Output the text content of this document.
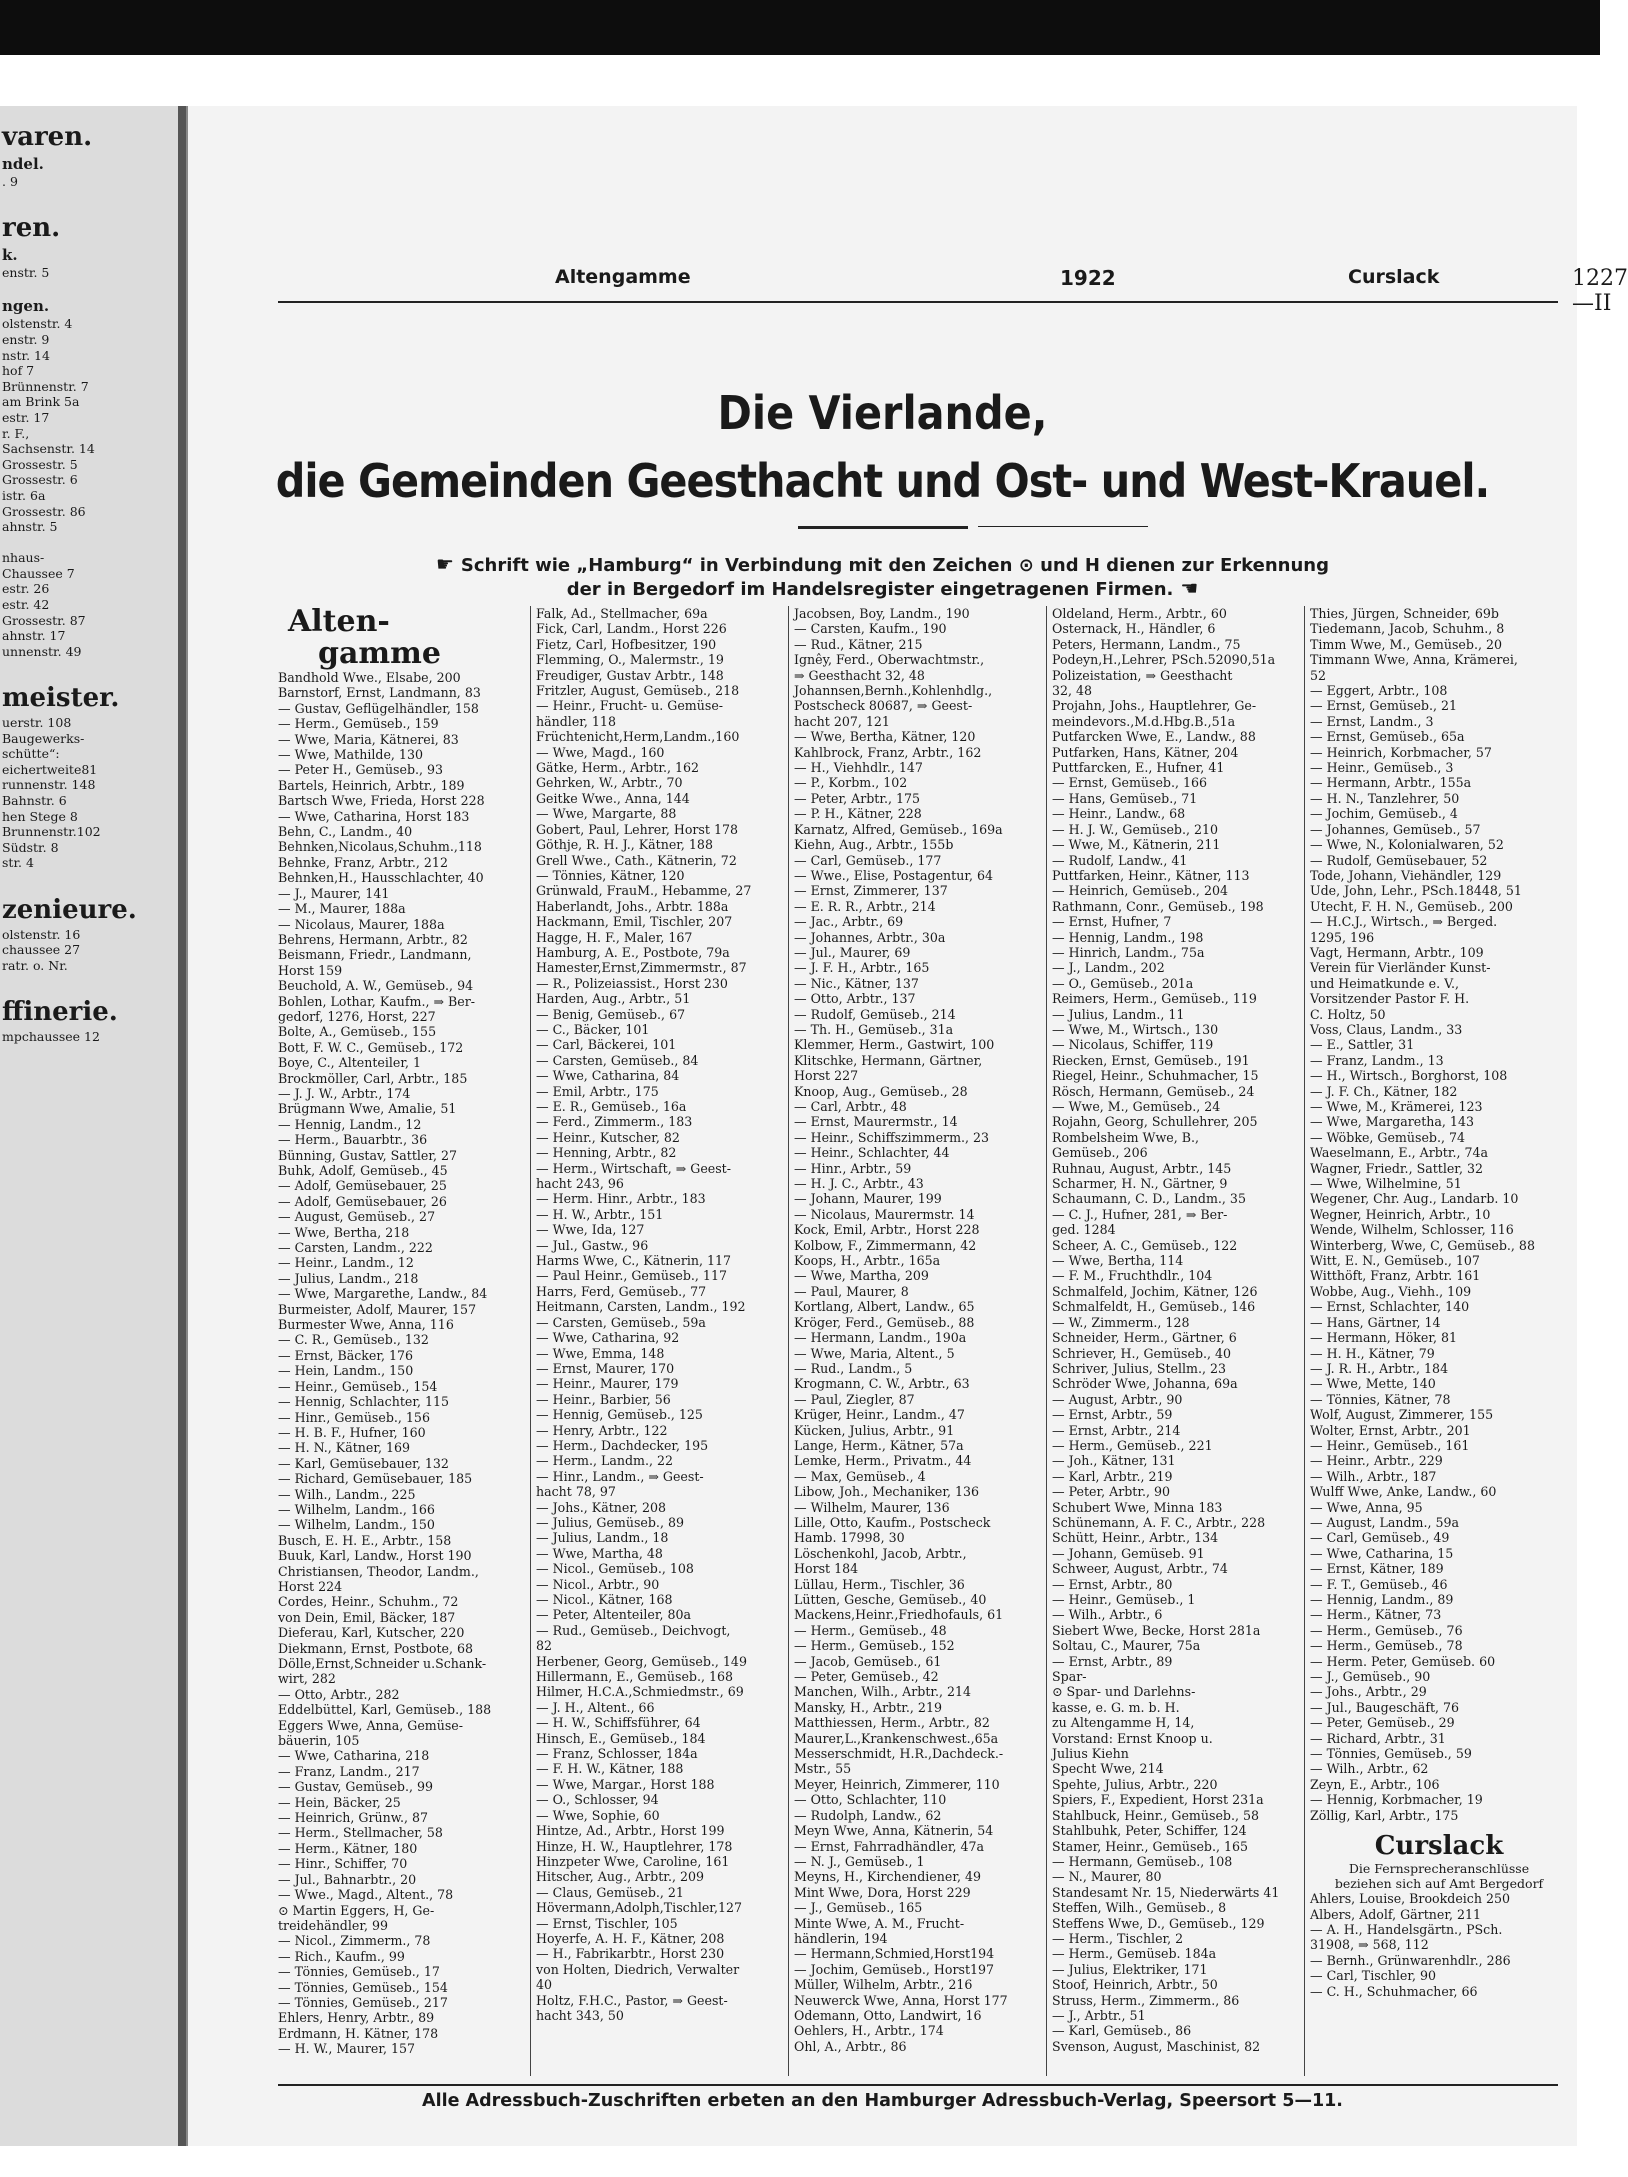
varen.
ndel.
. 9

ren.
k.
enstr. 5

ngen.
olstenstr. 4
enstr. 9
nstr. 14
hof 7
Brünnenstr. 7
am Brink 5a
estr. 17
r. F.,
Sachsenstr. 14
Grossestr. 5
Grossestr. 6
istr. 6a
Grossestr. 86
ahnstr. 5

nhaus-
Chaussee 7
estr. 26
estr. 42
Grossestr. 87
ahnstr. 17
unnenstr. 49

meister.
uerstr. 108
Baugewerks-
schütte“:
eichertweite81
runnenstr. 148
Bahnstr. 6
hen Stege 8
Brunnenstr.102
Südstr. 8
str. 4

zenieure.
olstenstr. 16
chaussee 27
ratr. o. Nr.

ffinerie.
mpchaussee 12
Altengamme	1922	Curslack	1227—II
Die Vierlande,
die Gemeinden Geesthacht und Ost- und West-Krauel.
☛ Schrift wie „Hamburg“ in Verbindung mit den Zeichen ⊙ und H dienen zur Erkennung
der in Bergedorf im Handelsregister eingetragenen Firmen. ☚
Alten-
gamme
Bandhold Wwe., Elsabe, 200
Barnstorf, Ernst, Landmann, 83
— Gustav, Geflügelhändler, 158
— Herm., Gemüseb., 159
— Wwe, Maria, Kätnerei, 83
— Wwe, Mathilde, 130
— Peter H., Gemüseb., 93
Bartels, Heinrich, Arbtr., 189
Bartsch Wwe, Frieda, Horst 228
— Wwe, Catharina, Horst 183
Behn, C., Landm., 40
Behnken,Nicolaus,Schuhm.,118
Behnke, Franz, Arbtr., 212
Behnken,H., Hausschlachter, 40
— J., Maurer, 141
— M., Maurer, 188a
— Nicolaus, Maurer, 188a
Behrens, Hermann, Arbtr., 82
Beismann, Friedr., Landmann,
Horst 159
Beuchold, A. W., Gemüseb., 94
Bohlen, Lothar, Kaufm., ⇒ Ber-
gedorf, 1276, Horst, 227
Bolte, A., Gemüseb., 155
Bott, F. W. C., Gemüseb., 172
Boye, C., Altenteiler, 1
Brockmöller, Carl, Arbtr., 185
— J. J. W., Arbtr., 174
Brügmann Wwe, Amalie, 51
— Hennig, Landm., 12
— Herm., Bauarbtr., 36
Bünning, Gustav, Sattler, 27
Buhk, Adolf, Gemüseb., 45
— Adolf, Gemüsebauer, 25
— Adolf, Gemüsebauer, 26
— August, Gemüseb., 27
— Wwe, Bertha, 218
— Carsten, Landm., 222
— Heinr., Landm., 12
— Julius, Landm., 218
— Wwe, Margarethe, Landw., 84
Burmeister, Adolf, Maurer, 157
Burmester Wwe, Anna, 116
— C. R., Gemüseb., 132
— Ernst, Bäcker, 176
— Hein, Landm., 150
— Heinr., Gemüseb., 154
— Hennig, Schlachter, 115
— Hinr., Gemüseb., 156
— H. B. F., Hufner, 160
— H. N., Kätner, 169
— Karl, Gemüsebauer, 132
— Richard, Gemüsebauer, 185
— Wilh., Landm., 225
— Wilhelm, Landm., 166
— Wilhelm, Landm., 150
Busch, E. H. E., Arbtr., 158
Buuk, Karl, Landw., Horst 190
Christiansen, Theodor, Landm.,
Horst 224
Cordes, Heinr., Schuhm., 72
von Dein, Emil, Bäcker, 187
Dieferau, Karl, Kutscher, 220
Diekmann, Ernst, Postbote, 68
Dölle,Ernst,Schneider u.Schank-
wirt, 282
— Otto, Arbtr., 282
Eddelbüttel, Karl, Gemüseb., 188
Eggers Wwe, Anna, Gemüse-
bäuerin, 105
— Wwe, Catharina, 218
— Franz, Landm., 217
— Gustav, Gemüseb., 99
— Hein, Bäcker, 25
— Heinrich, Grünw., 87
— Herm., Stellmacher, 58
— Herm., Kätner, 180
— Hinr., Schiffer, 70
— Jul., Bahnarbtr., 20
— Wwe., Magd., Altent., 78
⊙ Martin Eggers, H, Ge-
treidehändler, 99
— Nicol., Zimmerm., 78
— Rich., Kaufm., 99
— Tönnies, Gemüseb., 17
— Tönnies, Gemüseb., 154
— Tönnies, Gemüseb., 217
Ehlers, Henry, Arbtr., 89
Erdmann, H. Kätner, 178
— H. W., Maurer, 157
Falk, Ad., Stellmacher, 69a
Fick, Carl, Landm., Horst 226
Fietz, Carl, Hofbesitzer, 190
Flemming, O., Malermstr., 19
Freudiger, Gustav Arbtr., 148
Fritzler, August, Gemüseb., 218
— Heinr., Frucht- u. Gemüse-
händler, 118
Früchtenicht,Herm,Landm.,160
— Wwe, Magd., 160
Gätke, Herm., Arbtr., 162
Gehrken, W., Arbtr., 70
Geitke Wwe., Anna, 144
— Wwe, Margarte, 88
Gobert, Paul, Lehrer, Horst 178
Göthje, R. H. J., Kätner, 188
Grell Wwe., Cath., Kätnerin, 72
— Tönnies, Kätner, 120
Grünwald, FrauM., Hebamme, 27
Haberlandt, Johs., Arbtr. 188a
Hackmann, Emil, Tischler, 207
Hagge, H. F., Maler, 167
Hamburg, A. E., Postbote, 79a
Hamester,Ernst,Zimmermstr., 87
— R., Polizeiassist., Horst 230
Harden, Aug., Arbtr., 51
— Benig, Gemüseb., 67
— C., Bäcker, 101
— Carl, Bäckerei, 101
— Carsten, Gemüseb., 84
— Wwe, Catharina, 84
— Emil, Arbtr., 175
— E. R., Gemüseb., 16a
— Ferd., Zimmerm., 183
— Heinr., Kutscher, 82
— Henning, Arbtr., 82
— Herm., Wirtschaft, ⇒ Geest-
hacht 243, 96
— Herm. Hinr., Arbtr., 183
— H. W., Arbtr., 151
— Wwe, Ida, 127
— Jul., Gastw., 96
Harms Wwe, C., Kätnerin, 117
— Paul Heinr., Gemüseb., 117
Harrs, Ferd, Gemüseb., 77
Heitmann, Carsten, Landm., 192
— Carsten, Gemüseb., 59a
— Wwe, Catharina, 92
— Wwe, Emma, 148
— Ernst, Maurer, 170
— Heinr., Maurer, 179
— Heinr., Barbier, 56
— Hennig, Gemüseb., 125
— Henry, Arbtr., 122
— Herm., Dachdecker, 195
— Herm., Landm., 22
— Hinr., Landm., ⇒ Geest-
hacht 78, 97
— Johs., Kätner, 208
— Julius, Gemüseb., 89
— Julius, Landm., 18
— Wwe, Martha, 48
— Nicol., Gemüseb., 108
— Nicol., Arbtr., 90
— Nicol., Kätner, 168
— Peter, Altenteiler, 80a
— Rud., Gemüseb., Deichvogt,
82
Herbener, Georg, Gemüseb., 149
Hillermann, E., Gemüseb., 168
Hilmer, H.C.A.,Schmiedmstr., 69
— J. H., Altent., 66
— H. W., Schiffsführer, 64
Hinsch, E., Gemüseb., 184
— Franz, Schlosser, 184a
— F. H. W., Kätner, 188
— Wwe, Margar., Horst 188
— O., Schlosser, 94
— Wwe, Sophie, 60
Hintze, Ad., Arbtr., Horst 199
Hinze, H. W., Hauptlehrer, 178
Hinzpeter Wwe, Caroline, 161
Hitscher, Aug., Arbtr., 209
— Claus, Gemüseb., 21
Hövermann,Adolph,Tischler,127
— Ernst, Tischler, 105
Hoyerfe, A. H. F., Kätner, 208
— H., Fabrikarbtr., Horst 230
von Holten, Diedrich, Verwalter
40
Holtz, F.H.C., Pastor, ⇒ Geest-
hacht 343, 50
Jacobsen, Boy, Landm., 190
— Carsten, Kaufm., 190
— Rud., Kätner, 215
Ignêy, Ferd., Oberwachtmstr.,
⇒ Geesthacht 32, 48
Johannsen,Bernh.,Kohlenhdlg.,
Postscheck 80687, ⇒ Geest-
hacht 207, 121
— Wwe, Bertha, Kätner, 120
Kahlbrock, Franz, Arbtr., 162
— H., Viehhdlr., 147
— P., Korbm., 102
— Peter, Arbtr., 175
— P. H., Kätner, 228
Karnatz, Alfred, Gemüseb., 169a
Kiehn, Aug., Arbtr., 155b
— Carl, Gemüseb., 177
— Wwe., Elise, Postagentur, 64
— Ernst, Zimmerer, 137
— E. R. R., Arbtr., 214
— Jac., Arbtr., 69
— Johannes, Arbtr., 30a
— Jul., Maurer, 69
— J. F. H., Arbtr., 165
— Nic., Kätner, 137
— Otto, Arbtr., 137
— Rudolf, Gemüseb., 214
— Th. H., Gemüseb., 31a
Klemmer, Herm., Gastwirt, 100
Klitschke, Hermann, Gärtner,
Horst 227
Knoop, Aug., Gemüseb., 28
— Carl, Arbtr., 48
— Ernst, Maurermstr., 14
— Heinr., Schiffszimmerm., 23
— Heinr., Schlachter, 44
— Hinr., Arbtr., 59
— H. J. C., Arbtr., 43
— Johann, Maurer, 199
— Nicolaus, Maurermstr. 14
Kock, Emil, Arbtr., Horst 228
Kolbow, F., Zimmermann, 42
Koops, H., Arbtr., 165a
— Wwe, Martha, 209
— Paul, Maurer, 8
Kortlang, Albert, Landw., 65
Kröger, Ferd., Gemüseb., 88
— Hermann, Landm., 190a
— Wwe, Maria, Altent., 5
— Rud., Landm., 5
Krogmann, C. W., Arbtr., 63
— Paul, Ziegler, 87
Krüger, Heinr., Landm., 47
Kücken, Julius, Arbtr., 91
Lange, Herm., Kätner, 57a
Lemke, Herm., Privatm., 44
— Max, Gemüseb., 4
Libow, Joh., Mechaniker, 136
— Wilhelm, Maurer, 136
Lille, Otto, Kaufm., Postscheck
Hamb. 17998, 30
Löschenkohl, Jacob, Arbtr.,
Horst 184
Lüllau, Herm., Tischler, 36
Lütten, Gesche, Gemüseb., 40
Mackens,Heinr.,Friedhofauls, 61
— Herm., Gemüseb., 48
— Herm., Gemüseb., 152
— Jacob, Gemüseb., 61
— Peter, Gemüseb., 42
Manchen, Wilh., Arbtr., 214
Mansky, H., Arbtr., 219
Matthiessen, Herm., Arbtr., 82
Maurer,L.,Krankenschwest.,65a
Messerschmidt, H.R.,Dachdeck.-
Mstr., 55
Meyer, Heinrich, Zimmerer, 110
— Otto, Schlachter, 110
— Rudolph, Landw., 62
Meyn Wwe, Anna, Kätnerin, 54
— Ernst, Fahrradhändler, 47a
— N. J., Gemüseb., 1
Meyns, H., Kirchendiener, 49
Mint Wwe, Dora, Horst 229
— J., Gemüseb., 165
Minte Wwe, A. M., Frucht-
händlerin, 194
— Hermann,Schmied,Horst194
— Jochim, Gemüseb., Horst197
Müller, Wilhelm, Arbtr., 216
Neuwerck Wwe, Anna, Horst 177
Odemann, Otto, Landwirt, 16
Oehlers, H., Arbtr., 174
Ohl, A., Arbtr., 86
Oldeland, Herm., Arbtr., 60
Osternack, H., Händler, 6
Peters, Hermann, Landm., 75
Podeyn,H.,Lehrer, PSch.52090,51a
Polizeistation, ⇒ Geesthacht
32, 48
Projahn, Johs., Hauptlehrer, Ge-
meindevors.,M.d.Hbg.B.,51a
Putfarcken Wwe, E., Landw., 88
Putfarken, Hans, Kätner, 204
Puttfarcken, E., Hufner, 41
— Ernst, Gemüseb., 166
— Hans, Gemüseb., 71
— Heinr., Landw., 68
— H. J. W., Gemüseb., 210
— Wwe, M., Kätnerin, 211
— Rudolf, Landw., 41
Puttfarken, Heinr., Kätner, 113
— Heinrich, Gemüseb., 204
Rathmann, Conr., Gemüseb., 198
— Ernst, Hufner, 7
— Hennig, Landm., 198
— Hinrich, Landm., 75a
— J., Landm., 202
— O., Gemüseb., 201a
Reimers, Herm., Gemüseb., 119
— Julius, Landm., 11
— Wwe, M., Wirtsch., 130
— Nicolaus, Schiffer, 119
Riecken, Ernst, Gemüseb., 191
Riegel, Heinr., Schuhmacher, 15
Rösch, Hermann, Gemüseb., 24
— Wwe, M., Gemüseb., 24
Rojahn, Georg, Schullehrer, 205
Rombelsheim Wwe, B.,
Gemüseb., 206
Ruhnau, August, Arbtr., 145
Scharmer, H. N., Gärtner, 9
Schaumann, C. D., Landm., 35
— C. J., Hufner, 281, ⇒ Ber-
ged. 1284
Scheer, A. C., Gemüseb., 122
— Wwe, Bertha, 114
— F. M., Fruchthdlr., 104
Schmalfeld, Jochim, Kätner, 126
Schmalfeldt, H., Gemüseb., 146
— W., Zimmerm., 128
Schneider, Herm., Gärtner, 6
Schriever, H., Gemüseb., 40
Schriver, Julius, Stellm., 23
Schröder Wwe, Johanna, 69a
— August, Arbtr., 90
— Ernst, Arbtr., 59
— Ernst, Arbtr., 214
— Herm., Gemüseb., 221
— Joh., Kätner, 131
— Karl, Arbtr., 219
— Peter, Arbtr., 90
Schubert Wwe, Minna 183
Schünemann, A. F. C., Arbtr., 228
Schütt, Heinr., Arbtr., 134
— Johann, Gemüseb. 91
Schweer, August, Arbtr., 74
— Ernst, Arbtr., 80
— Heinr., Gemüseb., 1
— Wilh., Arbtr., 6
Siebert Wwe, Becke, Horst 281a
Soltau, C., Maurer, 75a
— Ernst, Arbtr., 89
Spar-
⊙ Spar- und Darlehns-
kasse, e. G. m. b. H.
zu Altengamme H, 14,
Vorstand: Ernst Knoop u.
Julius Kiehn
Specht Wwe, 214
Spehte, Julius, Arbtr., 220
Spiers, F., Expedient, Horst 231a
Stahlbuck, Heinr., Gemüseb., 58
Stahlbuhk, Peter, Schiffer, 124
Stamer, Heinr., Gemüseb., 165
— Hermann, Gemüseb., 108
— N., Maurer, 80
Standesamt Nr. 15, Niederwärts 41
Steffen, Wilh., Gemüseb., 8
Steffens Wwe, D., Gemüseb., 129
— Herm., Tischler, 2
— Herm., Gemüseb. 184a
— Julius, Elektriker, 171
Stoof, Heinrich, Arbtr., 50
Struss, Herm., Zimmerm., 86
— J., Arbtr., 51
— Karl, Gemüseb., 86
Svenson, August, Maschinist, 82
Thies, Jürgen, Schneider, 69b
Tiedemann, Jacob, Schuhm., 8
Timm Wwe, M., Gemüseb., 20
Timmann Wwe, Anna, Krämerei,
52
— Eggert, Arbtr., 108
— Ernst, Gemüseb., 21
— Ernst, Landm., 3
— Ernst, Gemüseb., 65a
— Heinrich, Korbmacher, 57
— Heinr., Gemüseb., 3
— Hermann, Arbtr., 155a
— H. N., Tanzlehrer, 50
— Jochim, Gemüseb., 4
— Johannes, Gemüseb., 57
— Wwe, N., Kolonialwaren, 52
— Rudolf, Gemüsebauer, 52
Tode, Johann, Viehändler, 129
Ude, John, Lehr., PSch.18448, 51
Utecht, F. H. N., Gemüseb., 200
— H.C.J., Wirtsch., ⇒ Berged.
1295, 196
Vagt, Hermann, Arbtr., 109
Verein für Vierländer Kunst-
und Heimatkunde e. V.,
Vorsitzender Pastor F. H.
C. Holtz, 50
Voss, Claus, Landm., 33
— E., Sattler, 31
— Franz, Landm., 13
— H., Wirtsch., Borghorst, 108
— J. F. Ch., Kätner, 182
— Wwe, M., Krämerei, 123
— Wwe, Margaretha, 143
— Wöbke, Gemüseb., 74
Waeselmann, E., Arbtr., 74a
Wagner, Friedr., Sattler, 32
— Wwe, Wilhelmine, 51
Wegener, Chr. Aug., Landarb. 10
Wegner, Heinrich, Arbtr., 10
Wende, Wilhelm, Schlosser, 116
Winterberg, Wwe, C, Gemüseb., 88
Witt, E. N., Gemüseb., 107
Witthöft, Franz, Arbtr. 161
Wobbe, Aug., Viehh., 109
— Ernst, Schlachter, 140
— Hans, Gärtner, 14
— Hermann, Höker, 81
— H. H., Kätner, 79
— J. R. H., Arbtr., 184
— Wwe, Mette, 140
— Tönnies, Kätner, 78
Wolf, August, Zimmerer, 155
Wolter, Ernst, Arbtr., 201
— Heinr., Gemüseb., 161
— Heinr., Arbtr., 229
— Wilh., Arbtr., 187
Wulff Wwe, Anke, Landw., 60
— Wwe, Anna, 95
— August, Landm., 59a
— Carl, Gemüseb., 49
— Wwe, Catharina, 15
— Ernst, Kätner, 189
— F. T., Gemüseb., 46
— Hennig, Landm., 89
— Herm., Kätner, 73
— Herm., Gemüseb., 76
— Herm., Gemüseb., 78
— Herm. Peter, Gemüseb. 60
— J., Gemüseb., 90
— Johs., Arbtr., 29
— Jul., Baugeschäft, 76
— Peter, Gemüseb., 29
— Richard, Arbtr., 31
— Tönnies, Gemüseb., 59
— Wilh., Arbtr., 62
Zeyn, E., Arbtr., 106
— Hennig, Korbmacher, 19
Zöllig, Karl, Arbtr., 175
Curslack
Die Fernsprecheranschlüsse
beziehen sich auf Amt Bergedorf
Ahlers, Louise, Brookdeich 250
Albers, Adolf, Gärtner, 211
— A. H., Handelsgärtn., PSch.
31908, ⇒ 568, 112
— Bernh., Grünwarenhdlr., 286
— Carl, Tischler, 90
— C. H., Schuhmacher, 66
Alle Adressbuch-Zuschriften erbeten an den Hamburger Adressbuch-Verlag, Speersort 5—11.
